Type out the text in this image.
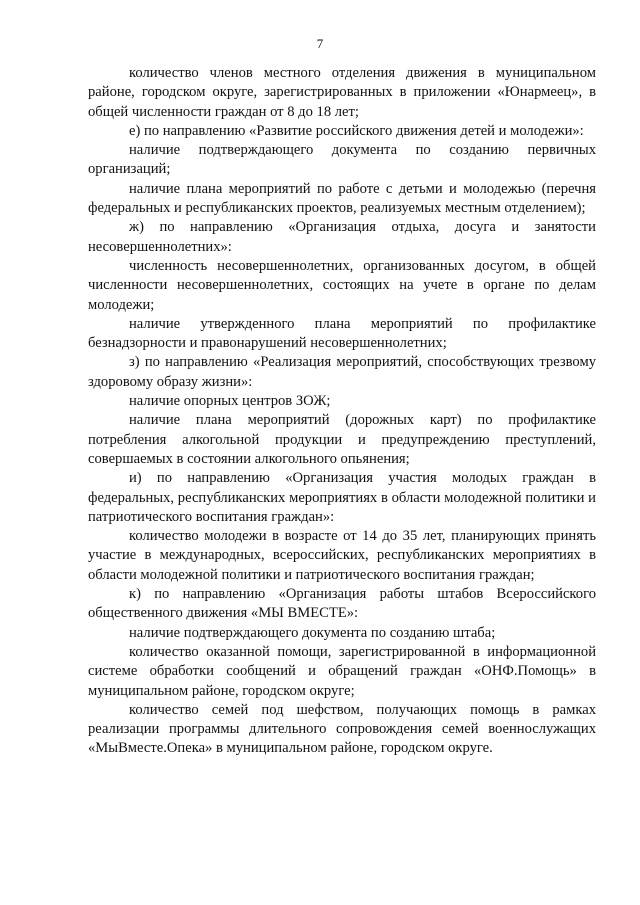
7

количество членов местного отделения движения в муниципальном районе, городском округе, зарегистрированных в приложении «Юнармеец», в общей численности граждан от 8 до 18 лет;

е) по направлению «Развитие российского движения детей и молодежи»:

наличие подтверждающего документа по созданию первичных организаций;

наличие плана мероприятий по работе с детьми и молодежью (перечня федеральных и республиканских проектов, реализуемых местным отделением);

ж) по направлению «Организация отдыха, досуга и занятости несовершеннолетних»:

численность несовершеннолетних, организованных досугом, в общей численности несовершеннолетних, состоящих на учете в органе по делам молодежи;

наличие утвержденного плана мероприятий по профилактике безнадзорности и правонарушений несовершеннолетних;

з) по направлению «Реализация мероприятий, способствующих трезвому здоровому образу жизни»:

наличие опорных центров ЗОЖ;

наличие плана мероприятий (дорожных карт) по профилактике потребления алкогольной продукции и предупреждению преступлений, совершаемых в состоянии алкогольного опьянения;

и) по направлению «Организация участия молодых граждан в федеральных, республиканских мероприятиях в области молодежной политики и патриотического воспитания граждан»:

количество молодежи в возрасте от 14 до 35 лет, планирующих принять участие в международных, всероссийских, республиканских мероприятиях в области молодежной политики и патриотического воспитания граждан;

к) по направлению «Организация работы штабов Всероссийского общественного движения «МЫ ВМЕСТЕ»:

наличие подтверждающего документа по созданию штаба;

количество оказанной помощи, зарегистрированной в информационной системе обработки сообщений и обращений граждан «ОНФ.Помощь» в муниципальном районе, городском округе;

количество семей под шефством, получающих помощь в рамках реализации программы длительного сопровождения семей военнослужащих «МыВместе.Опека» в муниципальном районе, городском округе.
